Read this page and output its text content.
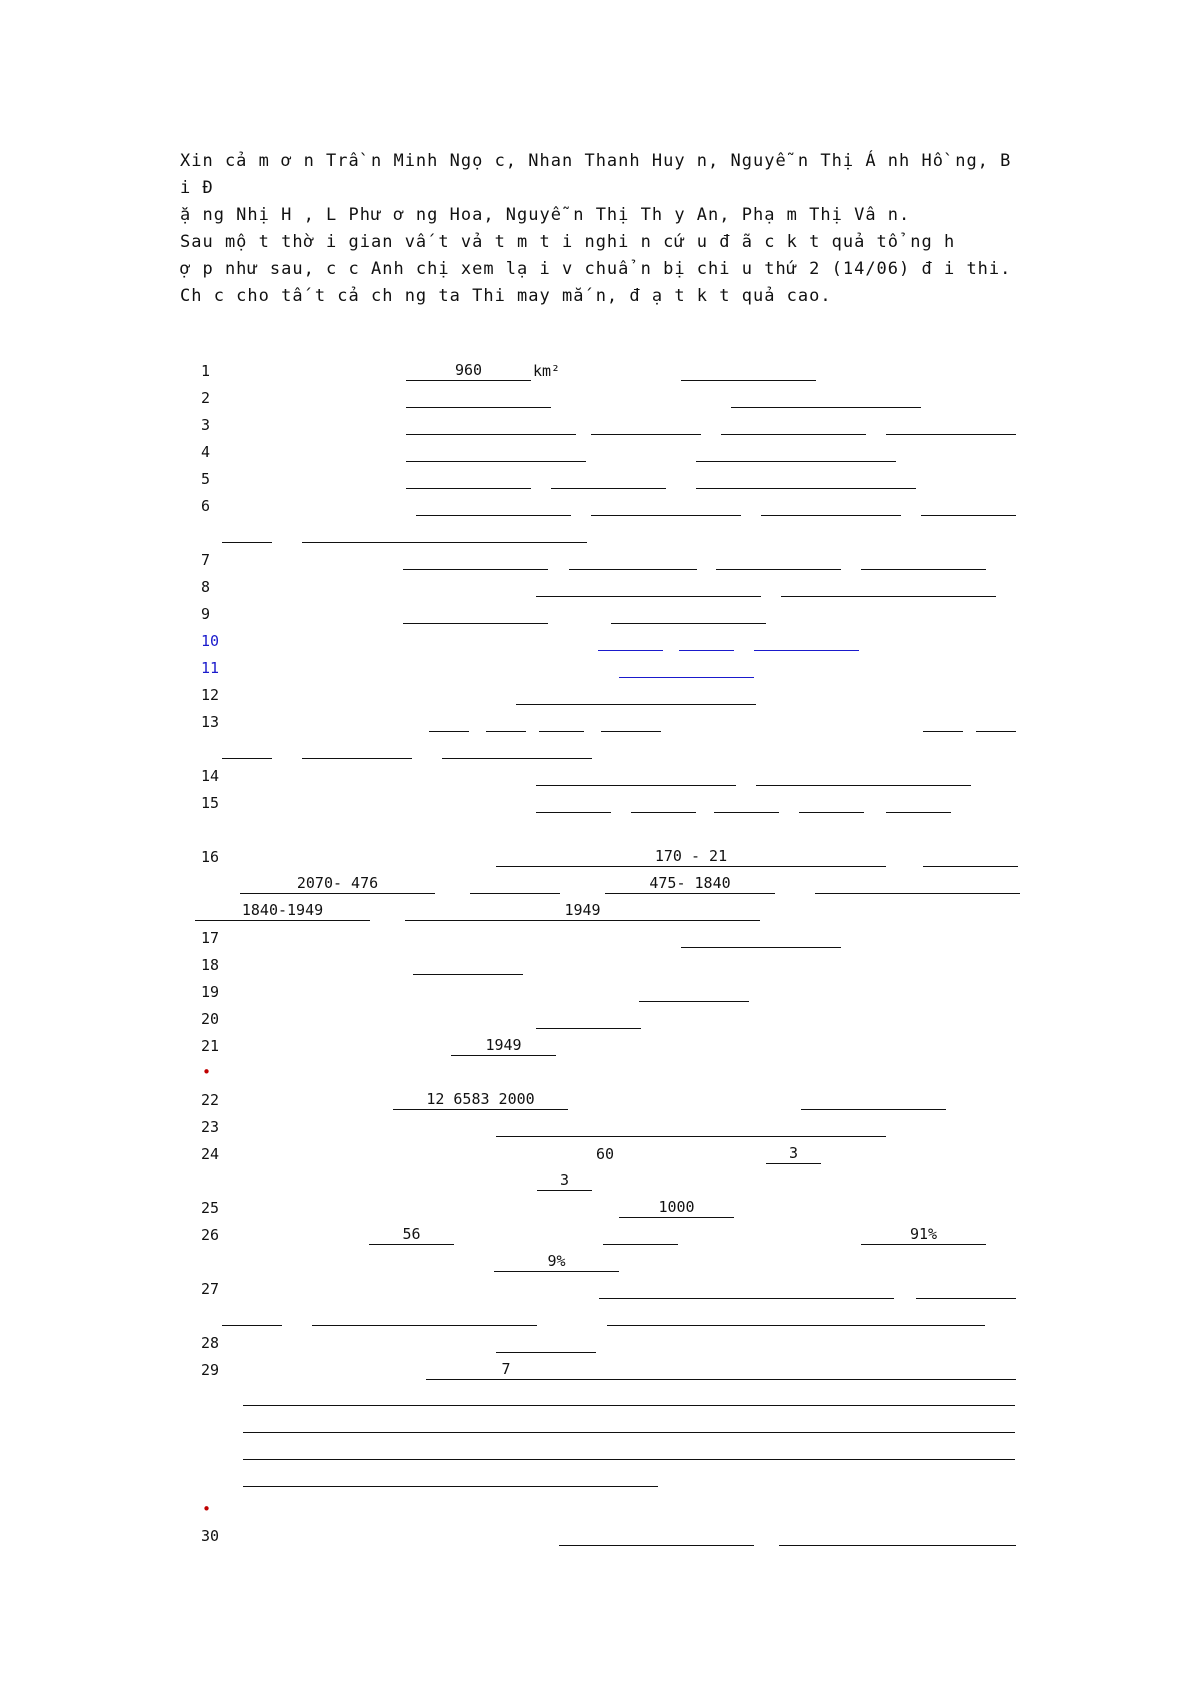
Xin cả m ơ n Trầ n Minh Ngọ c, Nhan Thanh Huy n, Nguyễ n Thị Á nh Hồ ng, B i Đ

ặ ng Nhị H , L Phư ơ ng Hoa, Nguyễ n Thị Th y An, Phạ m Thị Vâ n.

Sau mộ t thờ i gian vấ t vả t m t i nghi n cứ u đ ã c k t quả tổ ng h

ợ p như sau, c c Anh chị xem lạ i v chuẩ n bị chi u thứ 2 (14/06) đ i thi.

Ch c cho tấ t cả ch ng ta Thi may mắ n, đ ạ t k t quả cao.

1	960	km²
2
3
4
5
6
7
8
9
10
11
12
13
14
15
16	170 - 21
2070- 476	475- 1840
1840-1949	1949
17
18
19
20
21	1949
•
22	12 6583 2000
23
24	60	3
3
25	1000
26	56	91%
9%
27
28
29	7
•
30
